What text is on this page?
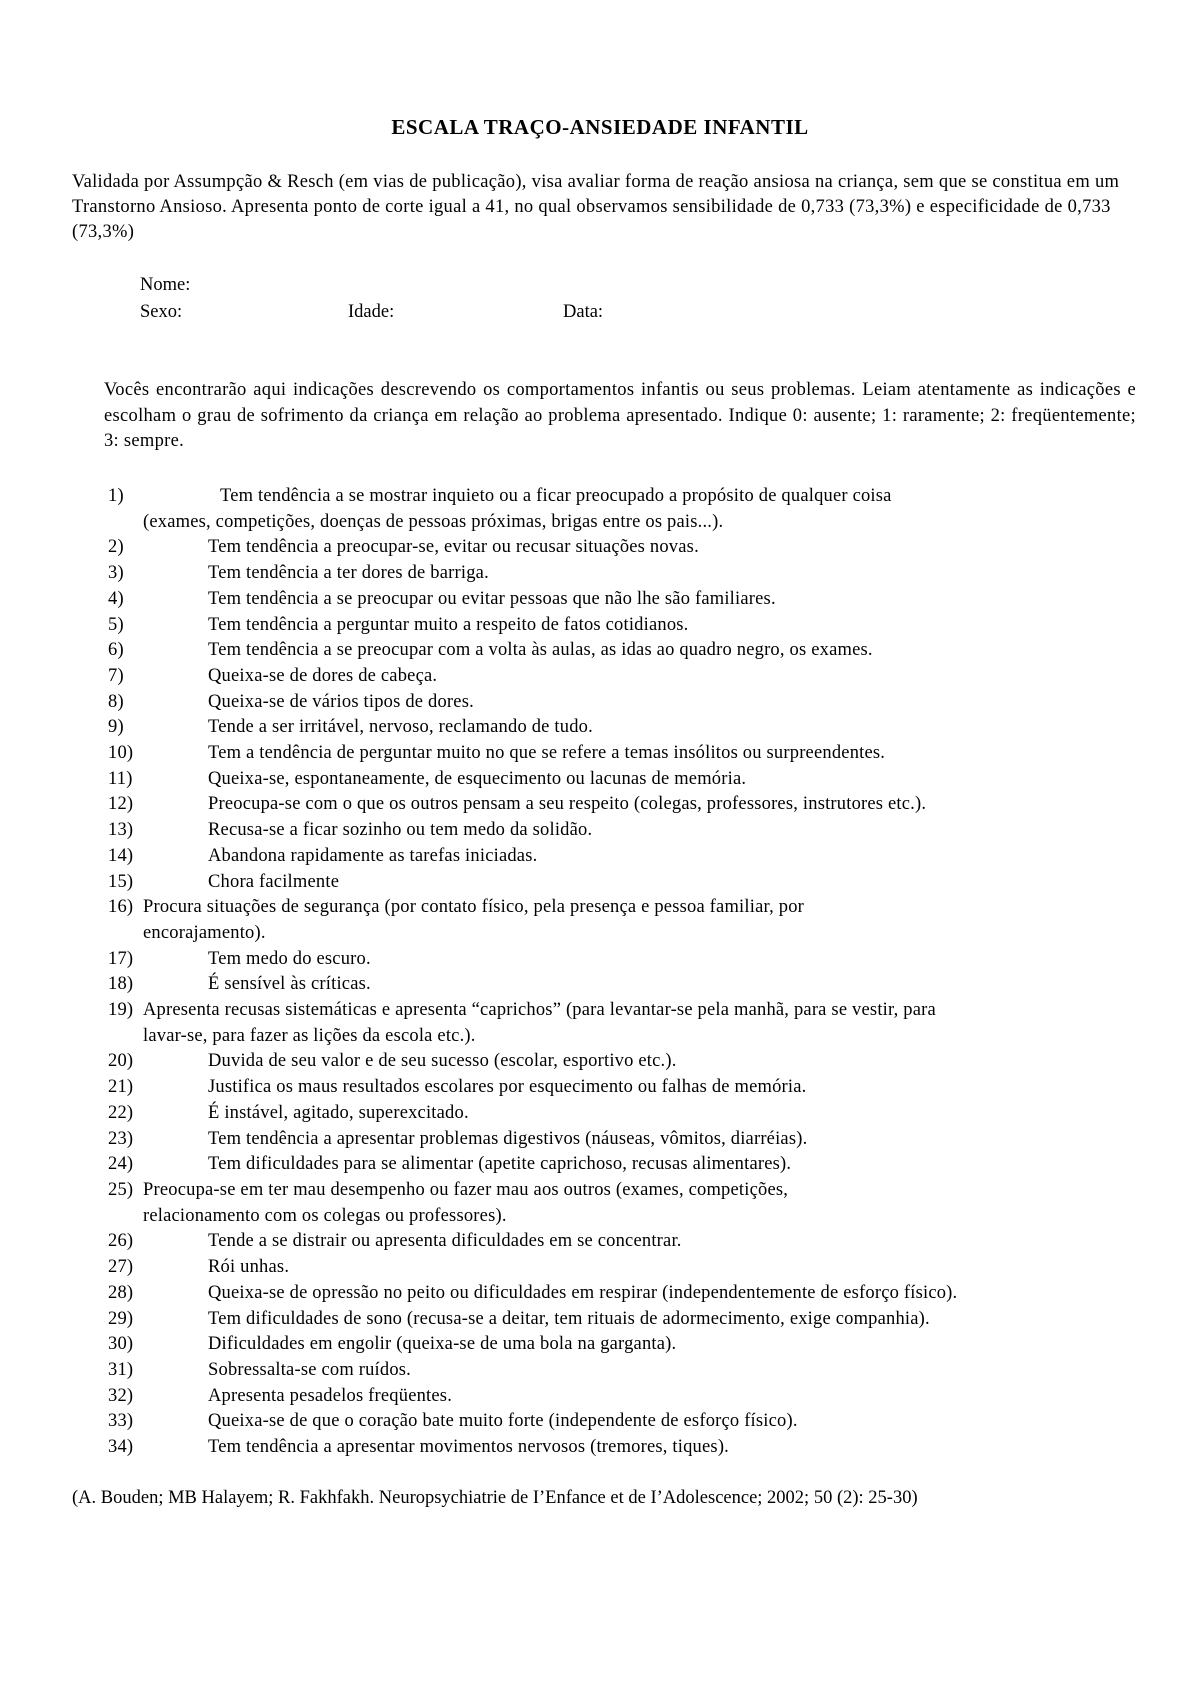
ESCALA TRAÇO-ANSIEDADE INFANTIL
Validada por Assumpção & Resch (em vias de publicação), visa avaliar forma de reação ansiosa na criança, sem que se constitua em um Transtorno Ansioso. Apresenta ponto de corte igual a 41, no qual observamos sensibilidade de 0,733 (73,3%) e especificidade de 0,733 (73,3%)
Nome:
Sexo:	Idade:	Data:
Vocês encontrarão aqui indicações descrevendo os comportamentos infantis ou seus problemas. Leiam atentamente as indicações e escolham o grau de sofrimento da criança em relação ao problema apresentado. Indique 0: ausente; 1: raramente; 2: freqüentemente; 3: sempre.
1)	Tem tendência a se mostrar inquieto ou a ficar preocupado a propósito de qualquer coisa
(exames, competições, doenças de pessoas próximas, brigas entre os pais...).
2)	Tem tendência a preocupar-se, evitar ou recusar situações novas.
3)	Tem tendência a ter dores de barriga.
4)	Tem tendência a se preocupar ou evitar pessoas que não lhe são familiares.
5)	Tem tendência a perguntar muito a respeito de fatos cotidianos.
6)	Tem tendência a se preocupar com a volta às aulas, as idas ao quadro negro, os exames.
7)	Queixa-se de dores de cabeça.
8)	Queixa-se de vários tipos de dores.
9)	Tende a ser irritável, nervoso, reclamando de tudo.
10)	Tem a tendência de perguntar muito no que se refere a temas insólitos ou surpreendentes.
11)	Queixa-se, espontaneamente, de esquecimento ou lacunas de memória.
12)	Preocupa-se com o que os outros pensam a seu respeito (colegas, professores, instrutores etc.).
13)	Recusa-se a ficar sozinho ou tem medo da solidão.
14)	Abandona rapidamente as tarefas iniciadas.
15)	Chora facilmente
16) Procura situações de segurança (por contato físico, pela presença e pessoa familiar, por
encorajamento).
17)	Tem medo do escuro.
18)	É sensível às críticas.
19) Apresenta recusas sistemáticas e apresenta “caprichos” (para levantar-se pela manhã, para se vestir, para
lavar-se, para fazer as lições da escola etc.).
20)	Duvida de seu valor e de seu sucesso (escolar, esportivo etc.).
21)	Justifica os maus resultados escolares por esquecimento ou falhas de memória.
22)	É instável, agitado, superexcitado.
23)	Tem tendência a apresentar problemas digestivos (náuseas, vômitos, diarréias).
24)	Tem dificuldades para se alimentar (apetite caprichoso, recusas alimentares).
25) Preocupa-se em ter mau desempenho ou fazer mau aos outros (exames, competições,
relacionamento com os colegas ou professores).
26)	Tende a se distrair ou apresenta dificuldades em se concentrar.
27)	Rói unhas.
28)	Queixa-se de opressão no peito ou dificuldades em respirar (independentemente de esforço físico).
29)	Tem dificuldades de sono (recusa-se a deitar, tem rituais de adormecimento, exige companhia).
30)	Dificuldades em engolir (queixa-se de uma bola na garganta).
31)	Sobressalta-se com ruídos.
32)	Apresenta pesadelos freqüentes.
33)	Queixa-se de que o coração bate muito forte (independente de esforço físico).
34)	Tem tendência a apresentar movimentos nervosos (tremores, tiques).
(A. Bouden; MB Halayem; R. Fakhfakh. Neuropsychiatrie de I’Enfance et de I’Adolescence; 2002; 50 (2): 25-30)
